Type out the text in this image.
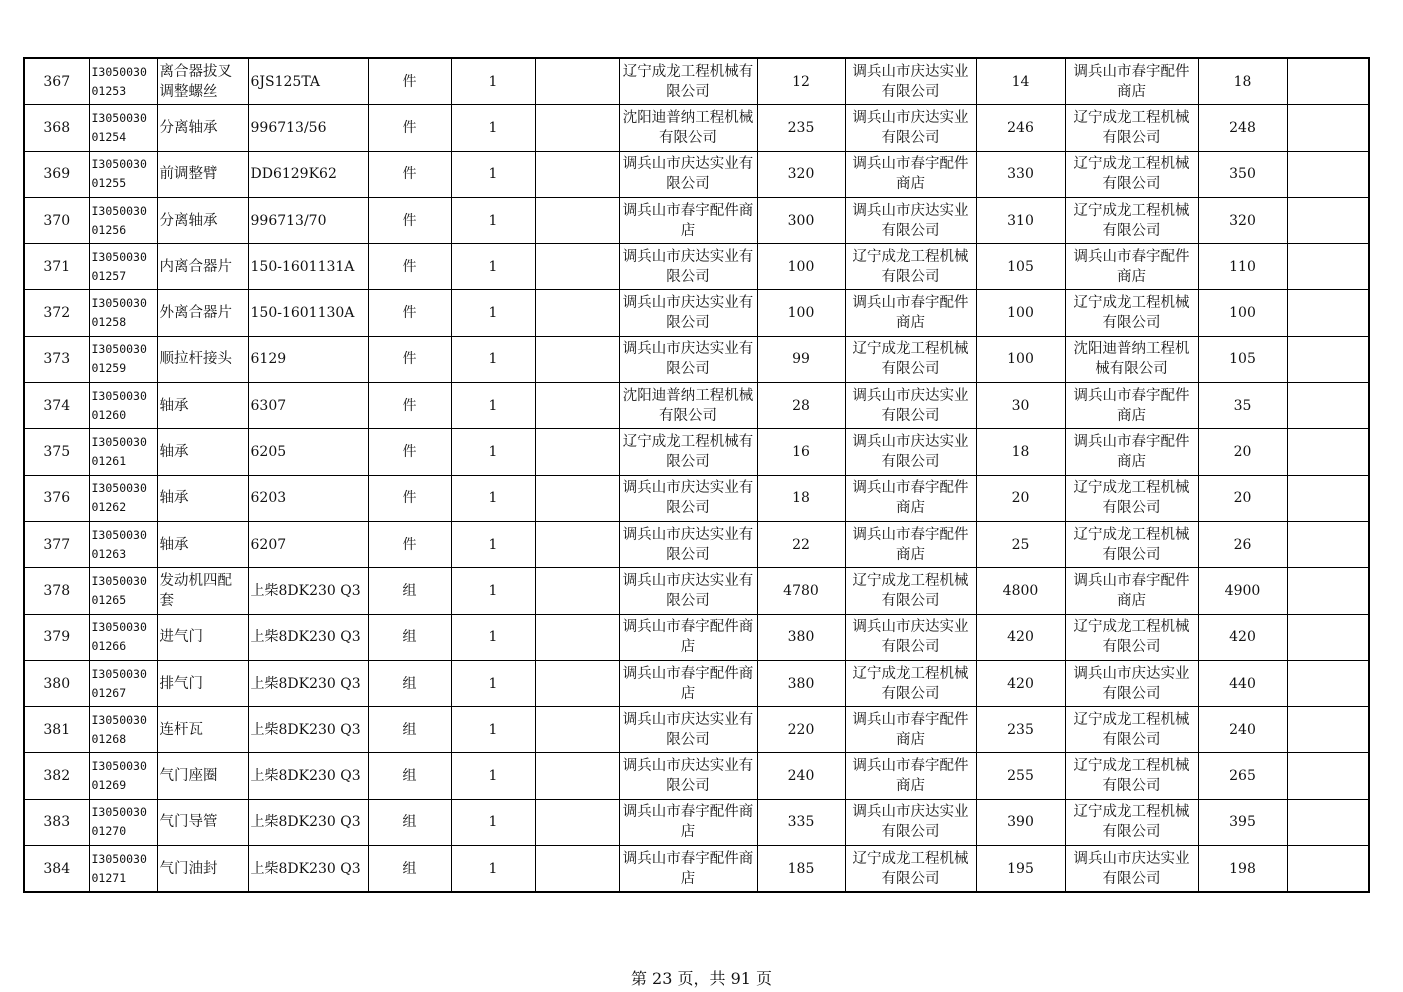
367	I3050030 01253	离合器拔叉调整螺丝	6JS125TA	件	1		辽宁成龙工程机械有限公司	12	调兵山市庆达实业有限公司	14	调兵山市春宇配件商店	18	
368	I3050030 01254	分离轴承	996713/56	件	1		沈阳迪普纳工程机械有限公司	235	调兵山市庆达实业有限公司	246	辽宁成龙工程机械有限公司	248	
369	I3050030 01255	前调整臂	DD6129K62	件	1		调兵山市庆达实业有限公司	320	调兵山市春宇配件商店	330	辽宁成龙工程机械有限公司	350	
370	I3050030 01256	分离轴承	996713/70	件	1		调兵山市春宇配件商店	300	调兵山市庆达实业有限公司	310	辽宁成龙工程机械有限公司	320	
371	I3050030 01257	内离合器片	150-1601131A	件	1		调兵山市庆达实业有限公司	100	辽宁成龙工程机械有限公司	105	调兵山市春宇配件商店	110	
372	I3050030 01258	外离合器片	150-1601130A	件	1		调兵山市庆达实业有限公司	100	调兵山市春宇配件商店	100	辽宁成龙工程机械有限公司	100	
373	I3050030 01259	顺拉杆接头	6129	件	1		调兵山市庆达实业有限公司	99	辽宁成龙工程机械有限公司	100	沈阳迪普纳工程机械有限公司	105	
374	I3050030 01260	轴承	6307	件	1		沈阳迪普纳工程机械有限公司	28	调兵山市庆达实业有限公司	30	调兵山市春宇配件商店	35	
375	I3050030 01261	轴承	6205	件	1		辽宁成龙工程机械有限公司	16	调兵山市庆达实业有限公司	18	调兵山市春宇配件商店	20	
376	I3050030 01262	轴承	6203	件	1		调兵山市庆达实业有限公司	18	调兵山市春宇配件商店	20	辽宁成龙工程机械有限公司	20	
377	I3050030 01263	轴承	6207	件	1		调兵山市庆达实业有限公司	22	调兵山市春宇配件商店	25	辽宁成龙工程机械有限公司	26	
378	I3050030 01265	发动机四配套	上柴8DK230 Q3	组	1		调兵山市庆达实业有限公司	4780	辽宁成龙工程机械有限公司	4800	调兵山市春宇配件商店	4900	
379	I3050030 01266	进气门	上柴8DK230 Q3	组	1		调兵山市春宇配件商店	380	调兵山市庆达实业有限公司	420	辽宁成龙工程机械有限公司	420	
380	I3050030 01267	排气门	上柴8DK230 Q3	组	1		调兵山市春宇配件商店	380	辽宁成龙工程机械有限公司	420	调兵山市庆达实业有限公司	440	
381	I3050030 01268	连杆瓦	上柴8DK230 Q3	组	1		调兵山市庆达实业有限公司	220	调兵山市春宇配件商店	235	辽宁成龙工程机械有限公司	240	
382	I3050030 01269	气门座圈	上柴8DK230 Q3	组	1		调兵山市庆达实业有限公司	240	调兵山市春宇配件商店	255	辽宁成龙工程机械有限公司	265	
383	I3050030 01270	气门导管	上柴8DK230 Q3	组	1		调兵山市春宇配件商店	335	调兵山市庆达实业有限公司	390	辽宁成龙工程机械有限公司	395	
384	I3050030 01271	气门油封	上柴8DK230 Q3	组	1		调兵山市春宇配件商店	185	辽宁成龙工程机械有限公司	195	调兵山市庆达实业有限公司	198	
第 23 页，共 91 页
